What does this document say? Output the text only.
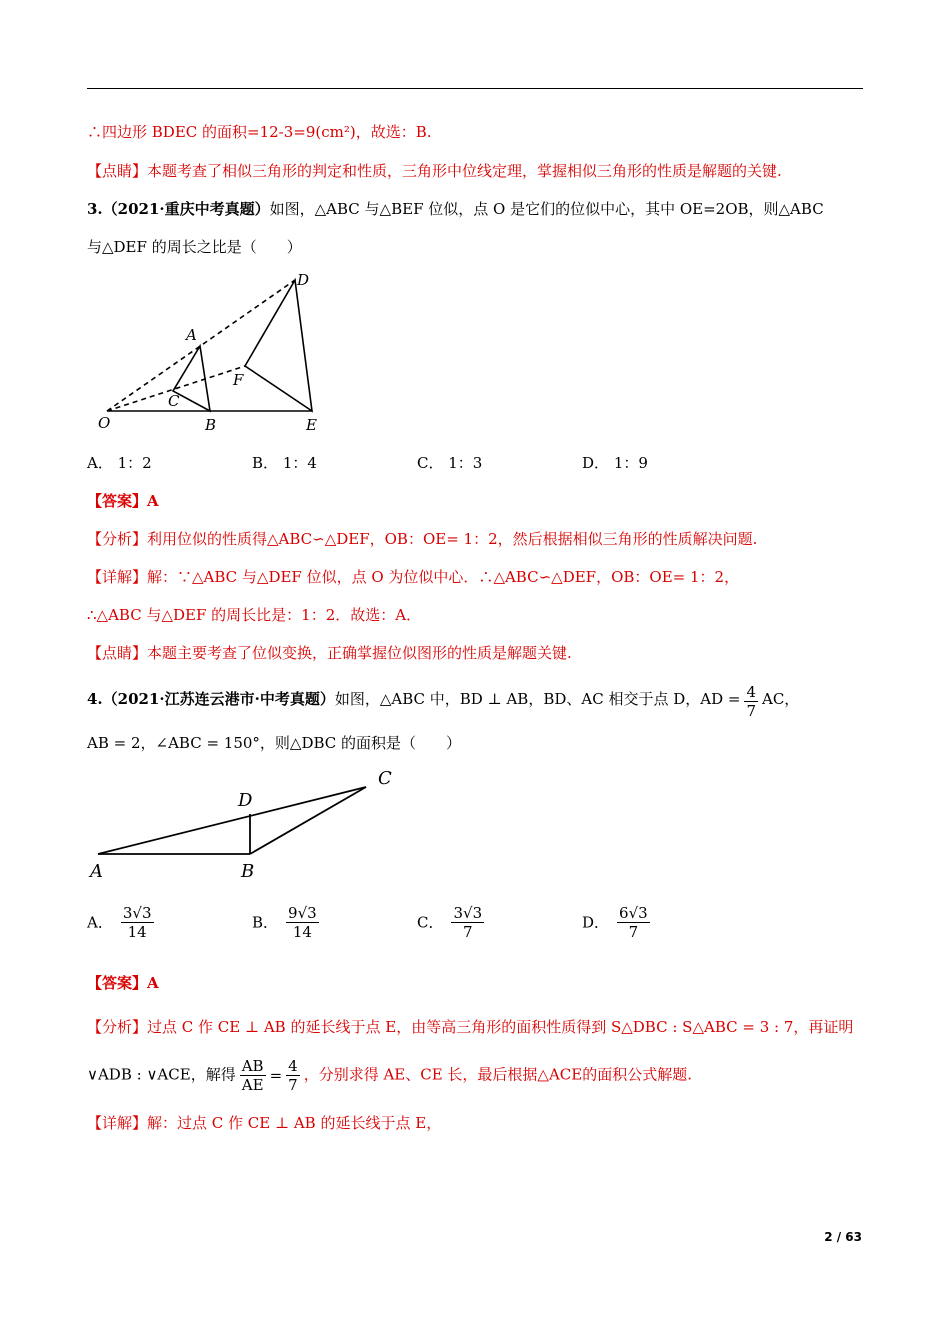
∴四边形 BDEC 的面积=12-3=9(cm²)，故选：B.
【点睛】本题考查了相似三角形的判定和性质，三角形中位线定理，掌握相似三角形的性质是解题的关键.
3.（2021·重庆中考真题）如图，△ABC 与△BEF 位似，点 O 是它们的位似中心，其中 OE=2OB，则△ABC
与△DEF 的周长之比是（　　）
O
A
B
C
D
E
F
A． 1：2	B． 1：4	C． 1：3	D． 1：9
【答案】A
【分析】利用位似的性质得△ABC∽△DEF，OB：OE= 1：2，然后根据相似三角形的性质解决问题.
【详解】解：∵△ABC 与△DEF 位似，点 O 为位似中心．∴△ABC∽△DEF，OB：OE= 1：2，
∴△ABC 与△DEF 的周长比是：1：2．故选：A．
【点睛】本题主要考查了位似变换，正确掌握位似图形的性质是解题关键.
4.（2021·江苏连云港市·中考真题）如图，△ABC 中，BD ⊥ AB，BD、AC 相交于点 D，AD = $\frac{4}{7}$ AC，
AB = 2，∠ABC = 150°，则△DBC 的面积是（　　）
A	B
C
D
A． $\frac{3√3}{14}$	B． $\frac{9√3}{14}$	C． $\frac{3√3}{7}$	D． $\frac{6√3}{7}$
【答案】A
【分析】过点 C 作 CE ⊥ AB 的延长线于点 E，由等高三角形的面积性质得到 S△DBC : S△ABC = 3 : 7，再证明
∨ADB : ∨ACE，解得 $\frac{AB}{AE} = \frac{4}{7}$ ，分别求得 AE、CE 长，最后根据△ACE的面积公式解题.
【详解】解：过点 C 作 CE ⊥ AB 的延长线于点 E，
2 / 63
